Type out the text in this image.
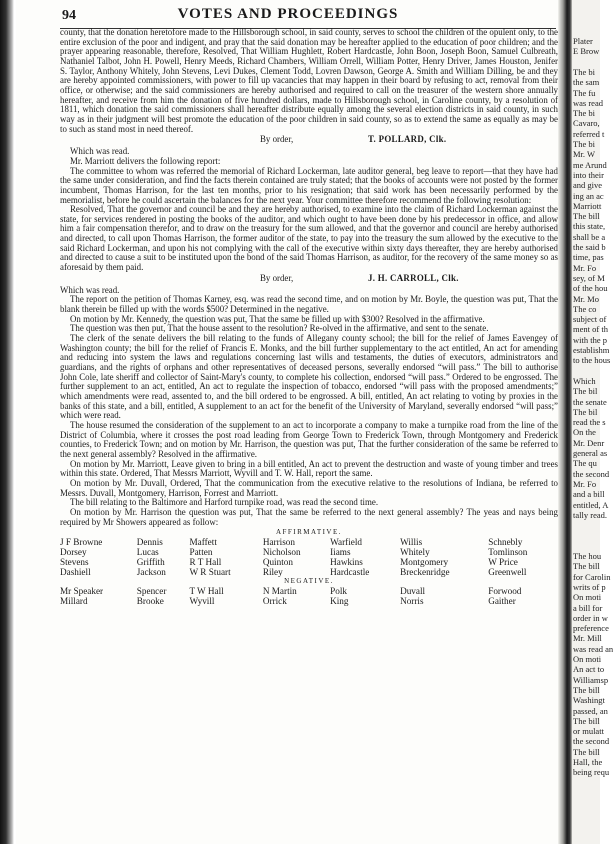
94	VOTES AND PROCEEDINGS

county, that the donation heretofore made to the Hillsborough school, in said county, serves to school the children of the opulent only, to the entire exclusion of the poor and indigent, and pray that the said donation may be hereafter applied to the education of poor children; and the prayer appearing reasonable, therefore, Resolved, That William Hughlett, Robert Hardcastle, John Boon, Joseph Boon, Samuel Culbreath, Nathaniel Talbot, John H. Powell, Henry Meeds, Richard Chambers, William Orrell, William Potter, Henry Driver, James Houston, Jenifer S. Taylor, Anthony Whitely, John Stevens, Levi Dukes, Clement Todd, Lovren Dawson, George A. Smith and William Dilling, be and they are hereby appointed commissioners, with power to fill up vacancies that may happen in their board by refusing to act, removal from their office, or otherwise; and the said commissioners are hereby authorised and required to call on the treasurer of the western shore annually hereafter, and receive from him the donation of five hundred dollars, made to Hillsborough school, in Caroline county, by a resolution of 1811, which donation the said commissioners shall hereafter distribute equally among the several election districts in said county, in such way as in their judgment will best promote the education of the poor children in said county, so as to extend the same as equally as may be to such as stand most in need thereof.

By order,	T. POLLARD, Clk.

Which was read.

Mr. Marriott delivers the following report:

The committee to whom was referred the memorial of Richard Lockerman, late auditor general, beg leave to report—that they have had the same under consideration, and find the facts therein contained are truly stated; that the books of accounts were not posted by the former incumbent, Thomas Harrison, for the last ten months, prior to his resignation; that said work has been necessarily performed by the memorialist, before he could ascertain the balances for the next year. Your committee therefore recommend the following resolution:

Resolved, That the governor and council be and they are hereby authorised, to examine into the claim of Richard Lockerman against the state, for services rendered in posting the books of the auditor, and which ought to have been done by his predecessor in office, and allow him a fair compensation therefor, and to draw on the treasury for the sum allowed, and that the governor and council are hereby authorised and directed, to call upon Thomas Harrison, the former auditor of the state, to pay into the treasury the sum allowed by the executive to the said Richard Lockerman, and upon his not complying with the call of the executive within sixty days thereafter, they are hereby authorised and directed to cause a suit to be instituted upon the bond of the said Thomas Harrison, as auditor, for the recovery of the same money so as aforesaid by them paid.

By order,	J. H. CARROLL, Clk.

Which was read.

The report on the petition of Thomas Karney, esq. was read the second time, and on motion by Mr. Boyle, the question was put, That the blank therein be filled up with the words $500? Determined in the negative.

On motion by Mr. Kennedy, the question was put, That the same be filled up with $300? Resolved in the affirmative.

The question was then put, That the house assent to the resolution? Re-olved in the affirmative, and sent to the senate.

The clerk of the senate delivers the bill relating to the funds of Allegany county school; the bill for the relief of James Eavengey of Washington county; the bill for the relief of Francis E. Monks, and the bill further supplementary to the act entitled, An act for amending and reducing into system the laws and regulations concerning last wills and testaments, the duties of executors, administrators and guardians, and the rights of orphans and other representatives of deceased persons, severally endorsed “will pass.” The bill to authorise John Cole, late sheriff and collector of Saint-Mary's county, to complete his collection, endorsed “will pass.” Ordered to be engrossed. The further supplement to an act, entitled, An act to regulate the inspection of tobacco, endorsed “will pass with the proposed amendments;” which amendments were read, assented to, and the bill ordered to be engrossed. A bill, entitled, An act relating to voting by proxies in the banks of this state, and a bill, entitled, A supplement to an act for the benefit of the University of Maryland, severally endorsed “will pass;” which were read.

The house resumed the consideration of the supplement to an act to incorporate a company to make a turnpike road from the line of the District of Columbia, where it crosses the post road leading from George Town to Frederick Town, through Montgomery and Frederick counties, to Frederick Town; and on motion by Mr. Harrison, the question was put, That the further consideration of the same be referred to the next general assembly? Resolved in the affirmative.

On motion by Mr. Marriott, Leave given to bring in a bill entitled, An act to prevent the destruction and waste of young timber and trees within this state. Ordered, That Messrs Marriott, Wyvill and T. W. Hall, report the same.

On motion by Mr. Duvall, Ordered, That the communication from the executive relative to the resolutions of Indiana, be referred to Messrs. Duvall, Montgomery, Harrison, Forrest and Marriott.

The bill relating to the Baltimore and Harford turnpike road, was read the second time.

On motion by Mr. Harrison the question was put, That the same be referred to the next general assembly? The yeas and nays being required by Mr Showers appeared as follow:

AFFIRMATIVE.						
J F Browne	Dennis	Maffett	Harrison	Warfield	Willis	Schnebly
Dorsey	Lucas	Patten	Nicholson	Iiams	Whitely	Tomlinson
Stevens	Griffith	R T Hall	Quinton	Hawkins	Montgomery	W Price
Dashiell	Jackson	W R Stuart	Riley	Hardcastle	Breckenridge	Greenwell
NEGATIVE.						
Mr Speaker	Spencer	T W Hall	N Martin	Polk	Duvall	Forwood
Millard	Brooke	Wyvill	Orrick	King	Norris	Gaither
Plater
E Brow
The bi
the sam
The fu
was read
The bi
Cavaro,
referred t
The bi
Mr. W
me Arund
into their
and give
ing an ac
Marriott
The bill
this state,
shall be a
the said b
time, pas
Mr. Fo
sey, of M
of the hou
Mr. Mo
The co
subject of
ment of th
with the p
establishm
to the hous
Which
The bil
the senate
The bil
read the s
On the
Mr. Denr
general as
The qu
the second
Mr. Fo
and a bill
entitled, A
tally read.
The hou
The bill
for Carolin
writs of p
On moti
a bill for
order in w
preference
Mr. Mill
was read an
On moti
An act to
Williamsp
The bill
Washingt
passed, an
The bill
or mulatt
the second
The bill
Hall, the
being requ
